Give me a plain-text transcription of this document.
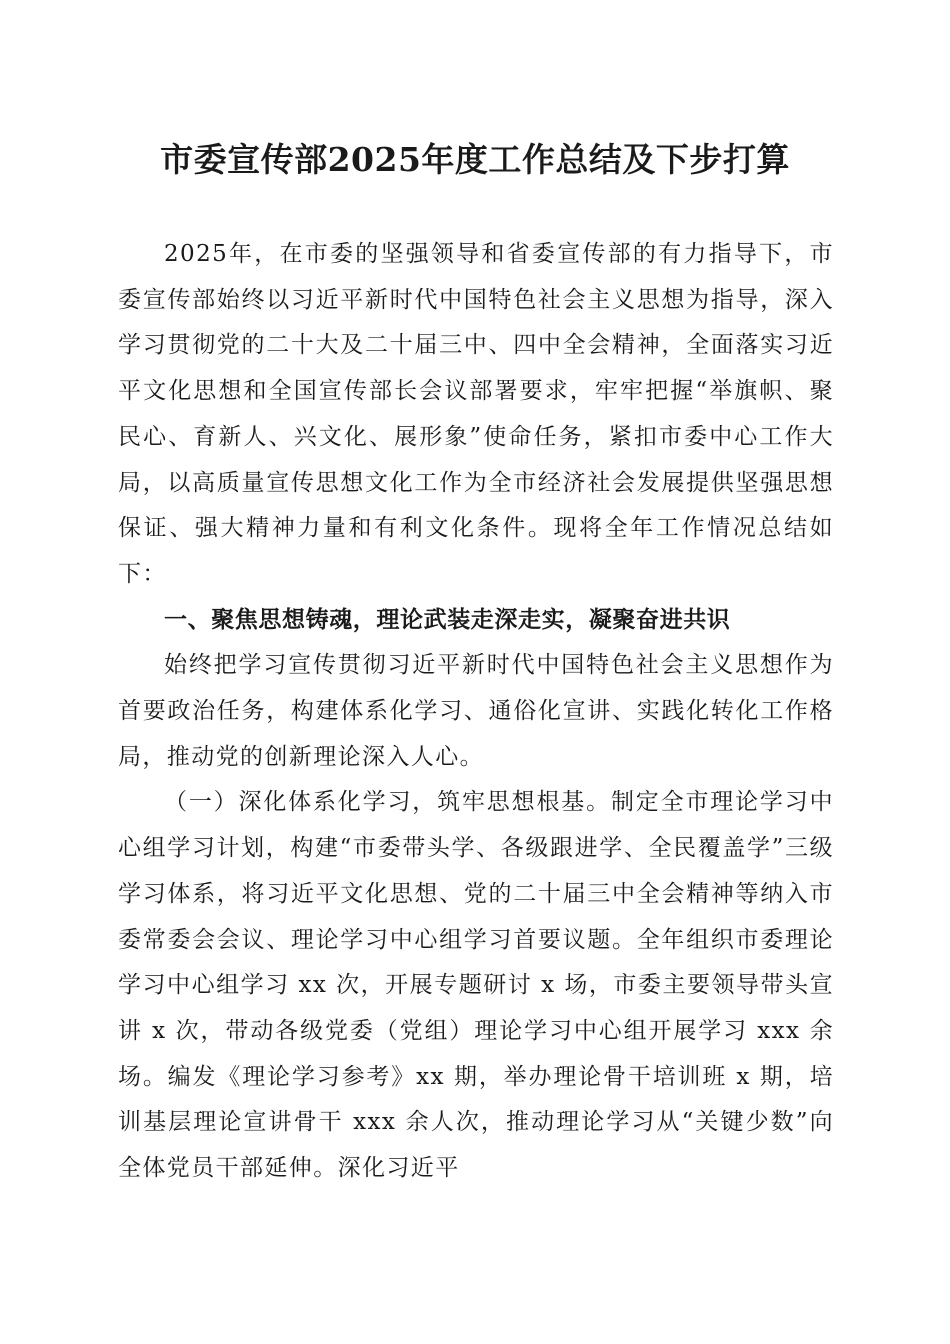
市委宣传部2025年度工作总结及下步打算

2025年，在市委的坚强领导和省委宣传部的有力指导下，市委宣传部始终以习近平新时代中国特色社会主义思想为指导，深入学习贯彻党的二十大及二十届三中、四中全会精神，全面落实习近平文化思想和全国宣传部长会议部署要求，牢牢把握“举旗帜、聚民心、育新人、兴文化、展形象”使命任务，紧扣市委中心工作大局，以高质量宣传思想文化工作为全市经济社会发展提供坚强思想保证、强大精神力量和有利文化条件。现将全年工作情况总结如下：

一、聚焦思想铸魂，理论武装走深走实，凝聚奋进共识

始终把学习宣传贯彻习近平新时代中国特色社会主义思想作为首要政治任务，构建体系化学习、通俗化宣讲、实践化转化工作格局，推动党的创新理论深入人心。

（一）深化体系化学习，筑牢思想根基。制定全市理论学习中心组学习计划，构建“市委带头学、各级跟进学、全民覆盖学”三级学习体系，将习近平文化思想、党的二十届三中全会精神等纳入市委常委会会议、理论学习中心组学习首要议题。全年组织市委理论学习中心组学习 xx 次，开展专题研讨 x 场，市委主要领导带头宣讲 x 次，带动各级党委（党组）理论学习中心组开展学习 xxx 余场。编发《理论学习参考》xx 期，举办理论骨干培训班 x 期，培训基层理论宣讲骨干 xxx 余人次，推动理论学习从“关键少数”向全体党员干部延伸。深化习近平
